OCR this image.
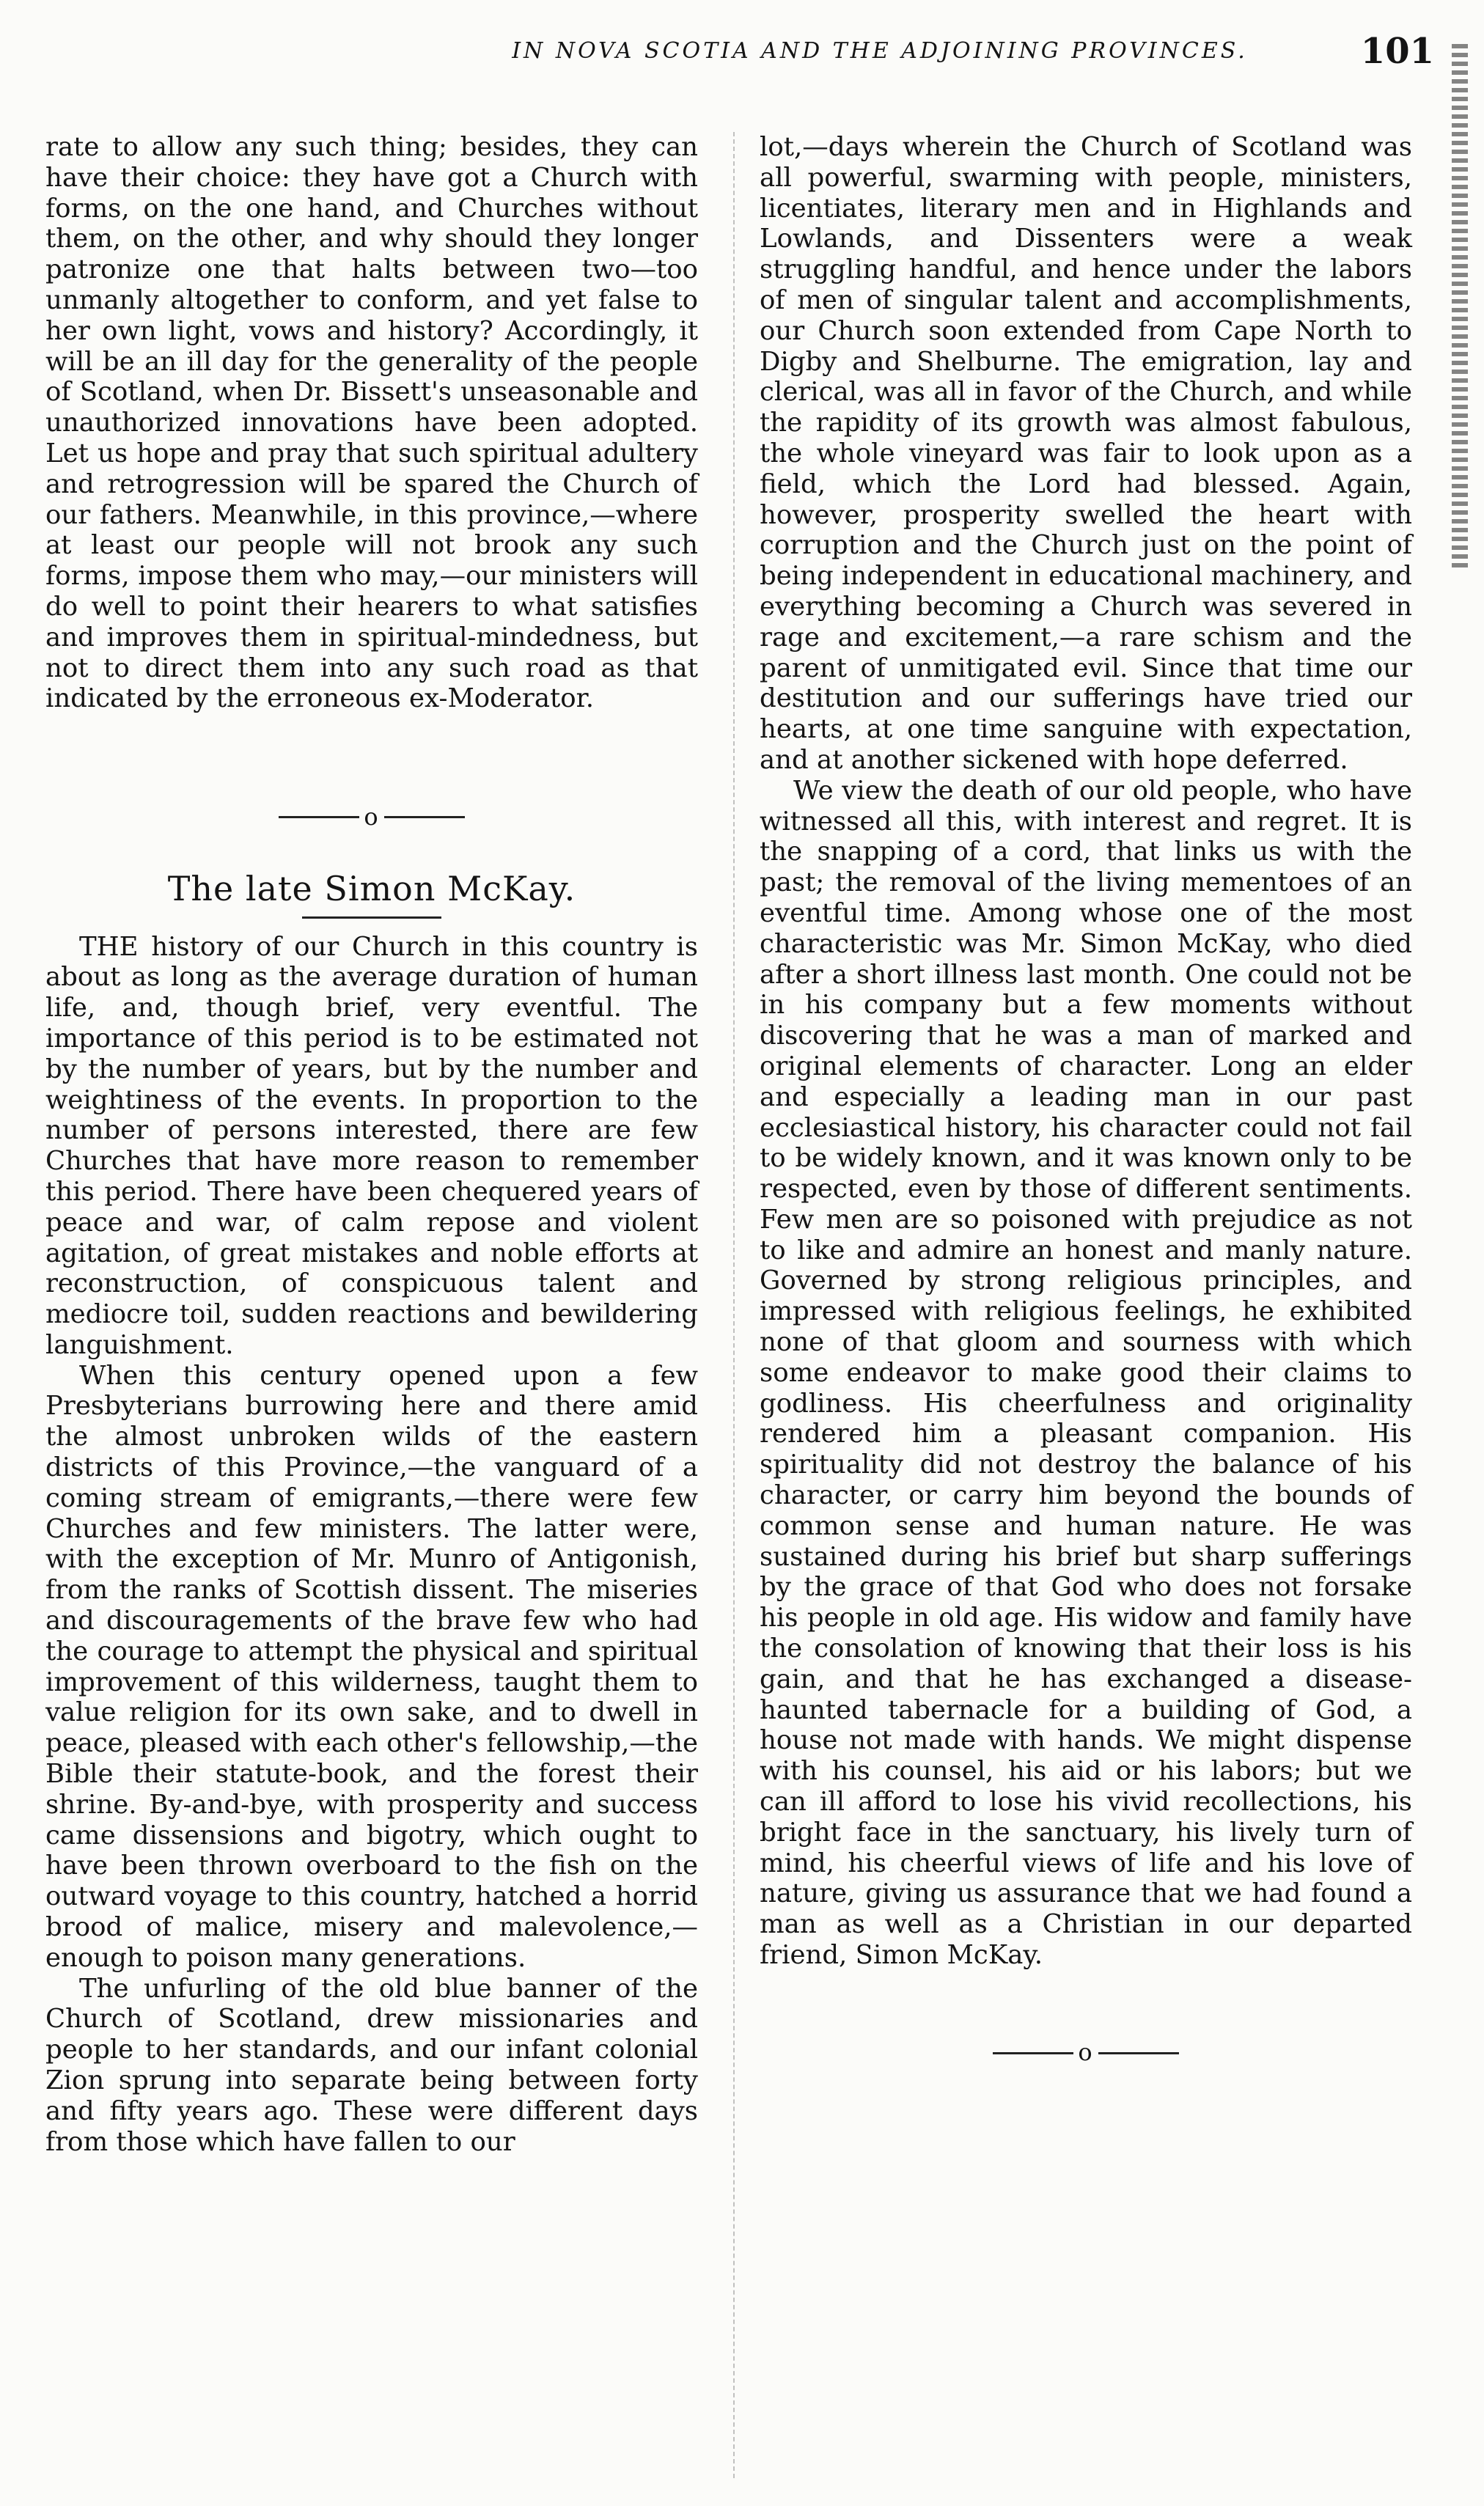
IN NOVA SCOTIA AND THE ADJOINING PROVINCES.	101

rate to allow any such thing; besides, they can have their choice: they have got a Church with forms, on the one hand, and Churches without them, on the other, and why should they longer patronize one that halts between two—too unmanly altogether to conform, and yet false to her own light, vows and history? Accordingly, it will be an ill day for the generality of the people of Scotland, when Dr. Bissett's unseasonable and unauthorized innovations have been adopted. Let us hope and pray that such spiritual adultery and retrogression will be spared the Church of our fathers. Meanwhile, in this province,—where at least our people will not brook any such forms, impose them who may,—our ministers will do well to point their hearers to what satisfies and improves them in spiritual-mindedness, but not to direct them into any such road as that indicated by the erroneous ex-Moderator.

o
The late Simon McKay.

THE history of our Church in this country is about as long as the average duration of human life, and, though brief, very eventful. The importance of this period is to be estimated not by the number of years, but by the number and weightiness of the events. In proportion to the number of persons interested, there are few Churches that have more reason to remember this period. There have been chequered years of peace and war, of calm repose and violent agitation, of great mistakes and noble efforts at reconstruction, of conspicuous talent and mediocre toil, sudden reactions and bewildering languishment.

When this century opened upon a few Presbyterians burrowing here and there amid the almost unbroken wilds of the eastern districts of this Province,—the vanguard of a coming stream of emigrants,—there were few Churches and few ministers. The latter were, with the exception of Mr. Munro of Antigonish, from the ranks of Scottish dissent. The miseries and discouragements of the brave few who had the courage to attempt the physical and spiritual improvement of this wilderness, taught them to value religion for its own sake, and to dwell in peace, pleased with each other's fellowship,—the Bible their statute-book, and the forest their shrine. By-and-bye, with prosperity and success came dissensions and bigotry, which ought to have been thrown overboard to the fish on the outward voyage to this country, hatched a horrid brood of malice, misery and malevolence,—enough to poison many generations.

The unfurling of the old blue banner of the Church of Scotland, drew missionaries and people to her standards, and our infant colonial Zion sprung into separate being between forty and fifty years ago. These were different days from those which have fallen to our

lot,—days wherein the Church of Scotland was all powerful, swarming with people, ministers, licentiates, literary men and in Highlands and Lowlands, and Dissenters were a weak struggling handful, and hence under the labors of men of singular talent and accomplishments, our Church soon extended from Cape North to Digby and Shelburne. The emigration, lay and clerical, was all in favor of the Church, and while the rapidity of its growth was almost fabulous, the whole vineyard was fair to look upon as a field, which the Lord had blessed. Again, however, prosperity swelled the heart with corruption and the Church just on the point of being independent in educational machinery, and everything becoming a Church was severed in rage and excitement,—a rare schism and the parent of unmitigated evil. Since that time our destitution and our sufferings have tried our hearts, at one time sanguine with expectation, and at another sickened with hope deferred.

We view the death of our old people, who have witnessed all this, with interest and regret. It is the snapping of a cord, that links us with the past; the removal of the living mementoes of an eventful time. Among whose one of the most characteristic was Mr. Simon McKay, who died after a short illness last month. One could not be in his company but a few moments without discovering that he was a man of marked and original elements of character. Long an elder and especially a leading man in our past ecclesiastical history, his character could not fail to be widely known, and it was known only to be respected, even by those of different sentiments. Few men are so poisoned with prejudice as not to like and admire an honest and manly nature. Governed by strong religious principles, and impressed with religious feelings, he exhibited none of that gloom and sourness with which some endeavor to make good their claims to godliness. His cheerfulness and originality rendered him a pleasant companion. His spirituality did not destroy the balance of his character, or carry him beyond the bounds of common sense and human nature. He was sustained during his brief but sharp sufferings by the grace of that God who does not forsake his people in old age. His widow and family have the consolation of knowing that their loss is his gain, and that he has exchanged a disease-haunted tabernacle for a building of God, a house not made with hands. We might dispense with his counsel, his aid or his labors; but we can ill afford to lose his vivid recollections, his bright face in the sanctuary, his lively turn of mind, his cheerful views of life and his love of nature, giving us assurance that we had found a man as well as a Christian in our departed friend, Simon McKay.

o
